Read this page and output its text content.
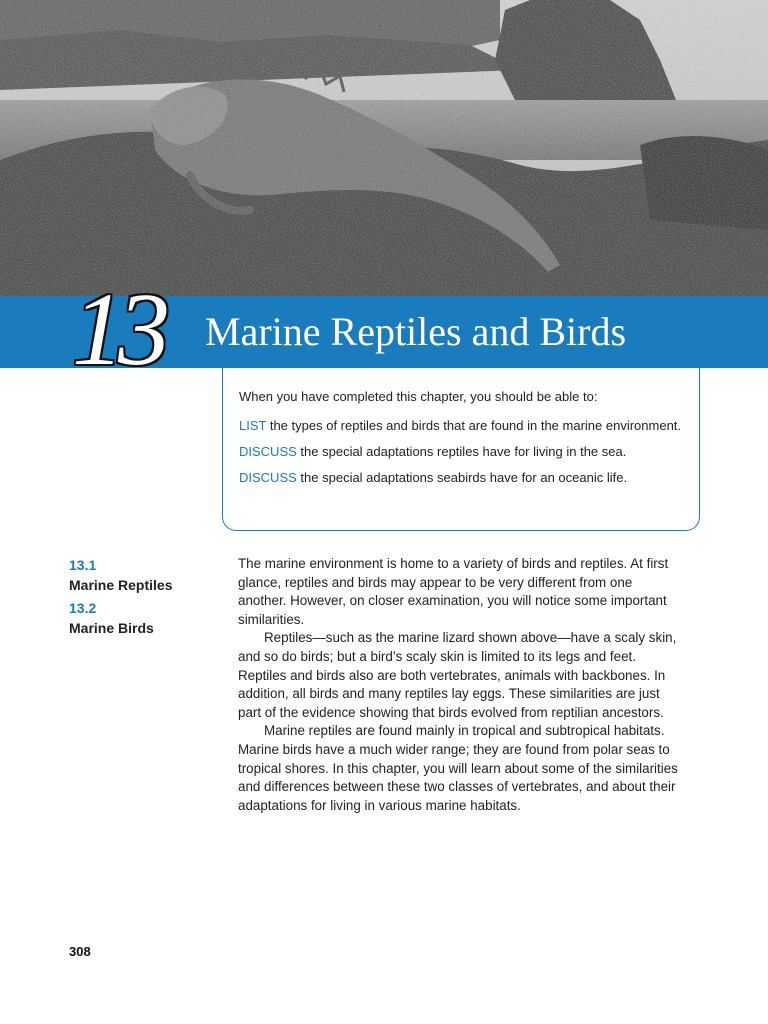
13 Marine Reptiles and Birds

When you have completed this chapter, you should be able to:

LIST the types of reptiles and birds that are found in the marine environment.

DISCUSS the special adaptations reptiles have for living in the sea.

DISCUSS the special adaptations seabirds have for an oceanic life.

13.1
Marine Reptiles
13.2
Marine Birds

The marine environment is home to a variety of birds and reptiles. At first glance, reptiles and birds may appear to be very different from one another. However, on closer examination, you will notice some important similarities.

Reptiles—such as the marine lizard shown above—have a scaly skin, and so do birds; but a bird’s scaly skin is limited to its legs and feet. Reptiles and birds also are both vertebrates, animals with backbones. In addition, all birds and many reptiles lay eggs. These similarities are just part of the evidence showing that birds evolved from reptilian ancestors.

Marine reptiles are found mainly in tropical and subtropical habitats. Marine birds have a much wider range; they are found from polar seas to tropical shores. In this chapter, you will learn about some of the similarities and differences between these two classes of vertebrates, and about their adaptations for living in various marine habitats.

308
